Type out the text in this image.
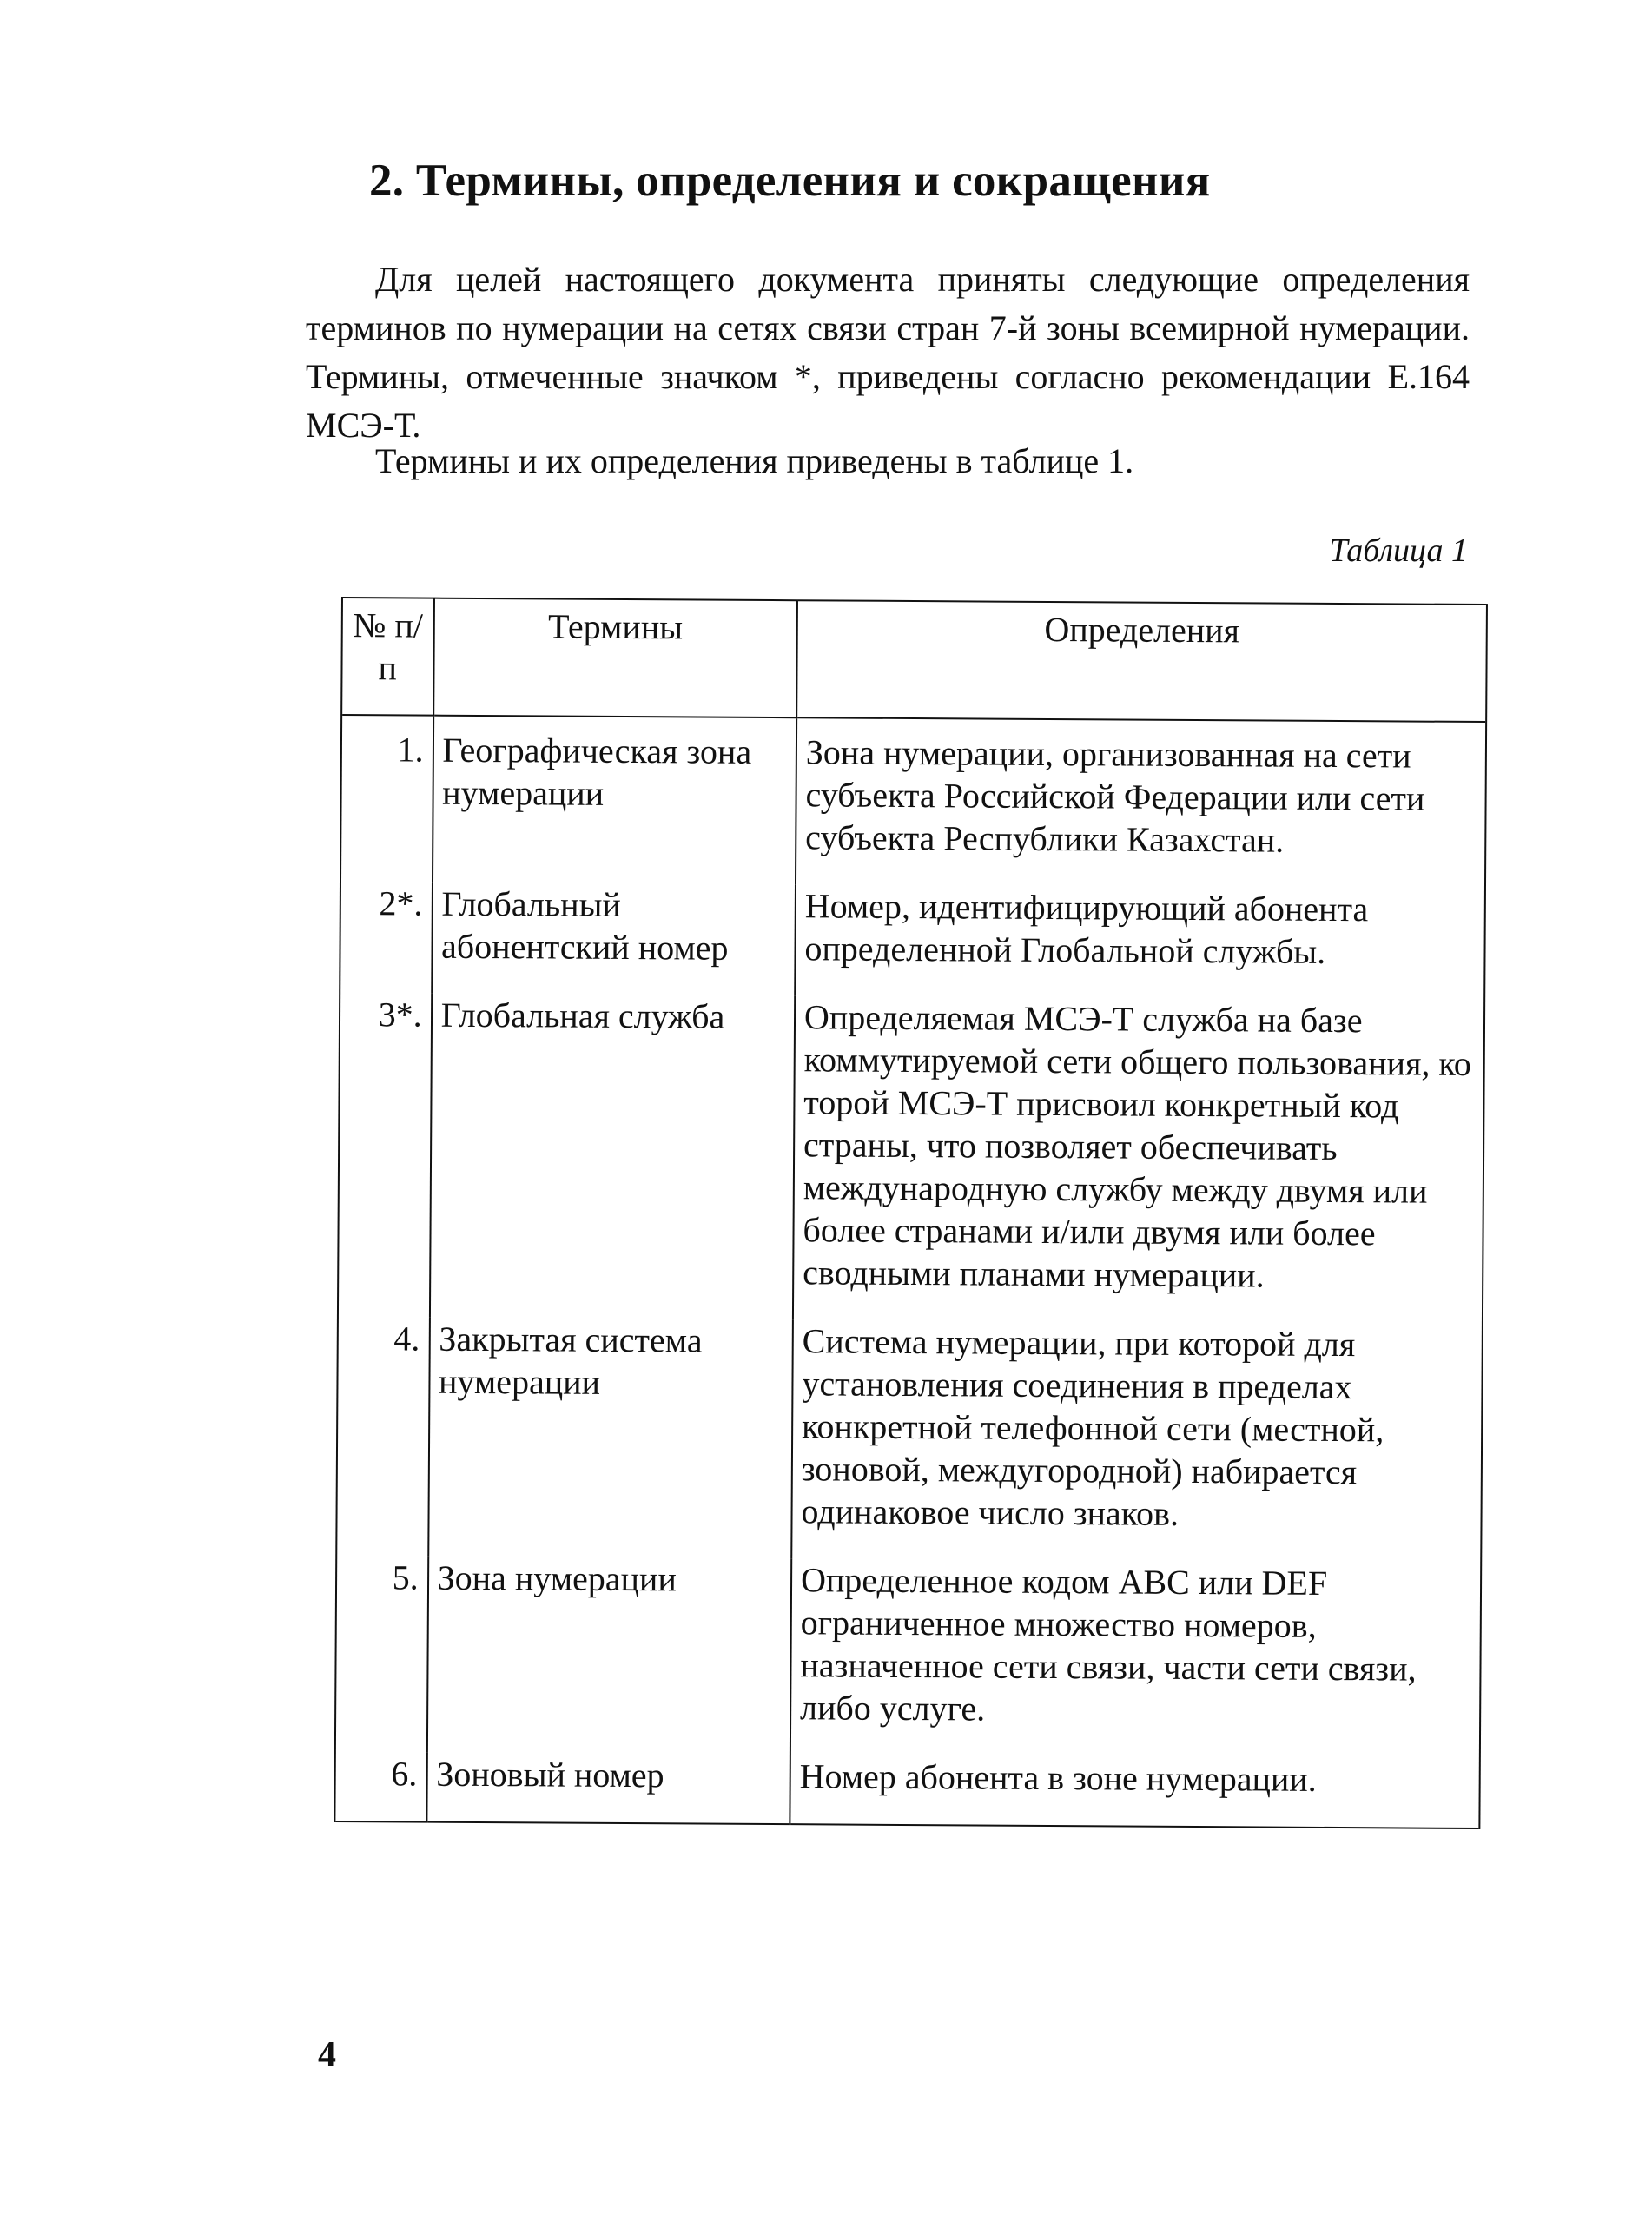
2. Термины, определения и сокращения

Для целей настоящего документа приняты следующие определения терминов по нумерации на сетях связи стран 7-й зоны всемирной нумерации. Термины, отмеченные значком *, приведены согласно рекомендации Е.164 МСЭ-Т.

Термины и их определения приведены в таблице 1.

Таблица 1
№ п/п	Термины	Определения
1.	Географическая зона нумерации	Зона нумерации, организованная на сети субъекта Российской Федерации или сети субъекта Республики Казахстан.
2*.	Глобальный абонентский номер	Номер, идентифицирующий абонента определенной Глобальной службы.
3*.	Глобальная служба	Определяемая МСЭ-Т служба на базе коммутируемой сети общего пользования, ко торой МСЭ-Т присвоил конкретный код страны, что позволяет обеспечивать международную службу между двумя или более странами и/или двумя или более сводными планами нумерации.
4.	Закрытая система нумерации	Система нумерации, при которой для установления соединения в пределах конкретной телефонной сети (местной, зоновой, междугородной) набирается одинаковое число знаков.
5.	Зона нумерации	Определенное кодом ABC или DEF ограниченное множество номеров, назначенное сети связи, части сети связи, либо услуге.
6.	Зоновый номер	Номер абонента в зоне нумерации.
4
